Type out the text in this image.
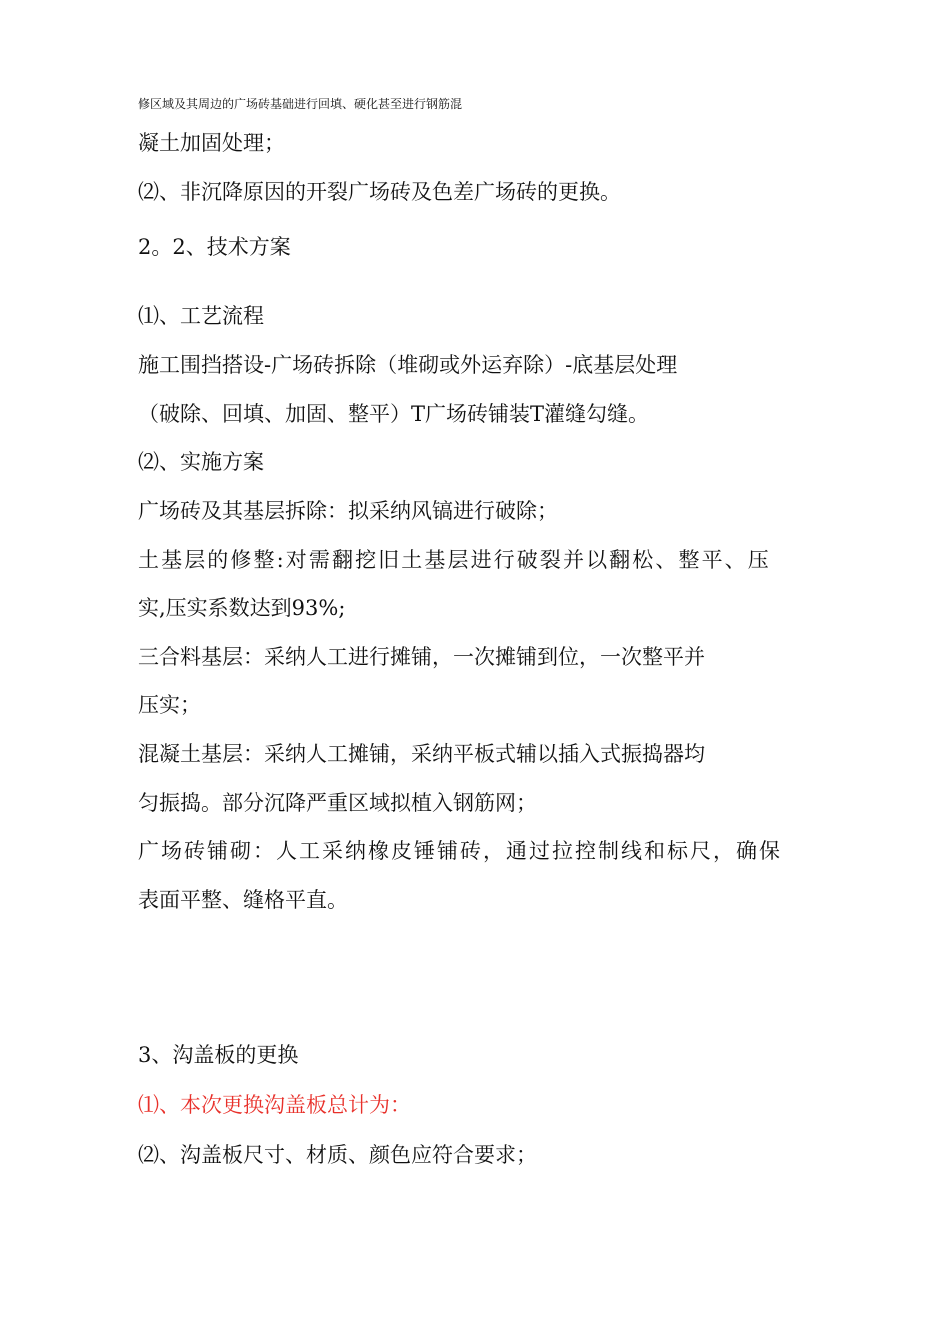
修区域及其周边的广场砖基础进行回填、硬化甚至进行钢筋混

凝土加固处理；

⑵、非沉降原因的开裂广场砖及色差广场砖的更换。

2。2、技术方案

⑴、工艺流程

施工围挡搭设-广场砖拆除（堆砌或外运弃除）-底基层处理

（破除、回填、加固、整平）T广场砖铺装T灌缝勾缝。

⑵、实施方案

广场砖及其基层拆除：拟采纳风镐进行破除；

土基层的修整:对需翻挖旧土基层进行破裂并以翻松、整平、压

实,压实系数达到93%;

三合料基层：采纳人工进行摊铺，一次摊铺到位，一次整平并

压实；

混凝土基层：采纳人工摊铺，采纳平板式辅以插入式振捣器均

匀振捣。部分沉降严重区域拟植入钢筋网；

广场砖铺砌：人工采纳橡皮锤铺砖，通过拉控制线和标尺，确保

表面平整、缝格平直。

3、沟盖板的更换

⑴、本次更换沟盖板总计为：

⑵、沟盖板尺寸、材质、颜色应符合要求；
